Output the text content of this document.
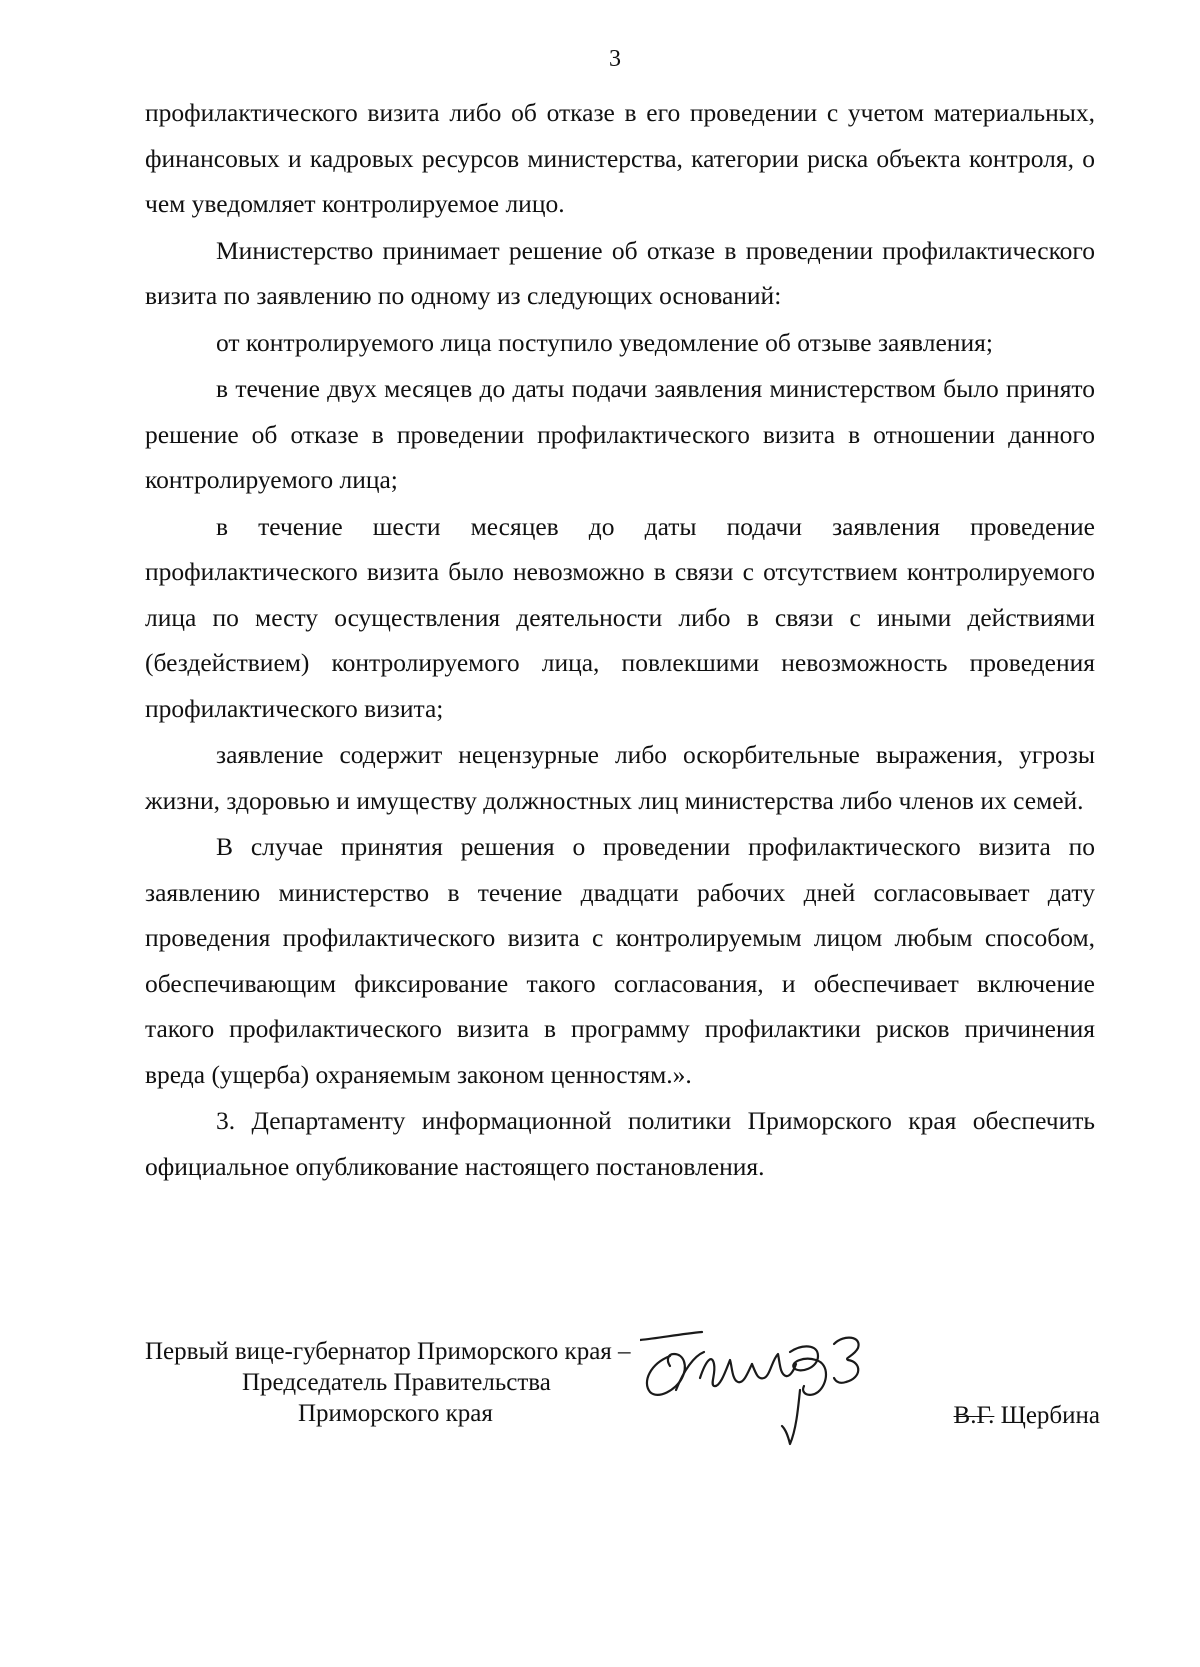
3

профилактического визита либо об отказе в его проведении с учетом материальных, финансовых и кадровых ресурсов министерства, категории риска объекта контроля, о чем уведомляет контролируемое лицо.

Министерство принимает решение об отказе в проведении профилактического визита по заявлению по одному из следующих оснований:

от контролируемого лица поступило уведомление об отзыве заявления;

в течение двух месяцев до даты подачи заявления министерством было принято решение об отказе в проведении профилактического визита в отношении данного контролируемого лица;

в течение шести месяцев до даты подачи заявления проведение профилактического визита было невозможно в связи с отсутствием контролируемого лица по месту осуществления деятельности либо в связи с иными действиями (бездействием) контролируемого лица, повлекшими невозможность проведения профилактического визита;

заявление содержит нецензурные либо оскорбительные выражения, угрозы жизни, здоровью и имуществу должностных лиц министерства либо членов их семей.

В случае принятия решения о проведении профилактического визита по заявлению министерство в течение двадцати рабочих дней согласовывает дату проведения профилактического визита с контролируемым лицом любым способом, обеспечивающим фиксирование такого согласования, и обеспечивает включение такого профилактического визита в программу профилактики рисков причинения вреда (ущерба) охраняемым законом ценностям.».

3. Департаменту информационной политики Приморского края обеспечить официальное опубликование настоящего постановления.

Первый вице-губернатор Приморского края –
Председатель Правительства
Приморского края	В.Г. Щербина
